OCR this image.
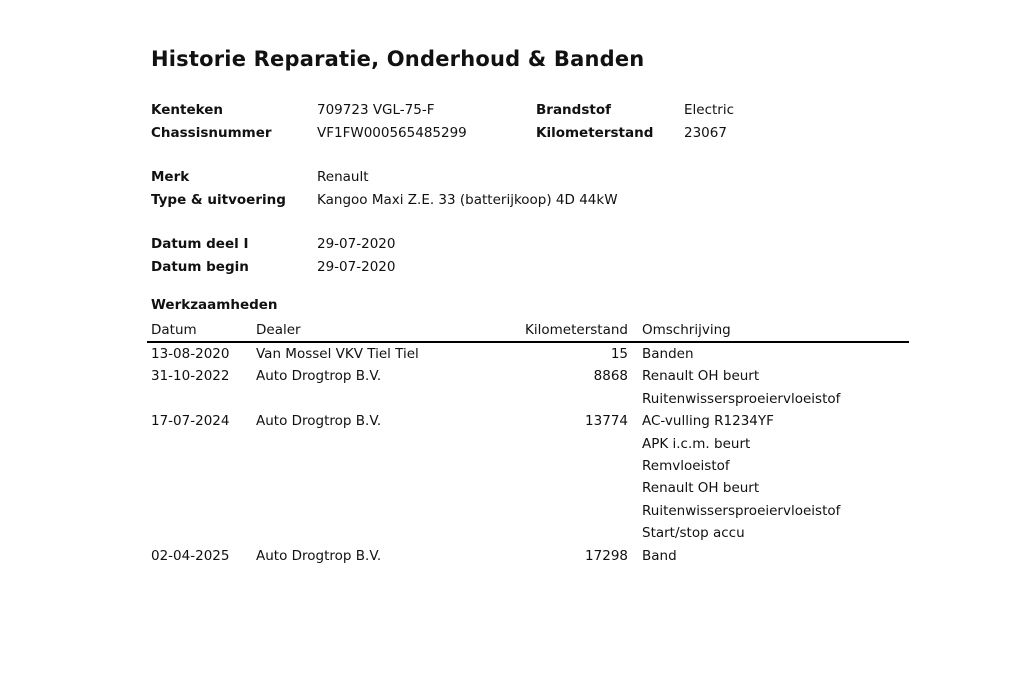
Historie Reparatie, Onderhoud & Banden
Kenteken	709723 VGL-75-F	Brandstof	Electric
Chassisnummer	VF1FW000565485299	Kilometerstand 23067
Merk	Renault
Type & uitvoering Kangoo Maxi Z.E. 33 (batterijkoop) 4D 44kW
Datum deel I	29-07-2020
Datum begin	29-07-2020
Werkzaamheden
Datum	Dealer	Kilometerstand Omschrijving
13-08-2020 Van Mossel VKV Tiel Tiel	15 Banden
31-10-2022 Auto Drogtrop B.V.	8868 Renault OH beurt
Ruitenwissersproeiervloeistof
17-07-2024 Auto Drogtrop B.V.	13774 AC-vulling R1234YF
APK i.c.m. beurt
Remvloeistof
Renault OH beurt
Ruitenwissersproeiervloeistof
Start/stop accu
02-04-2025 Auto Drogtrop B.V.	17298 Band
